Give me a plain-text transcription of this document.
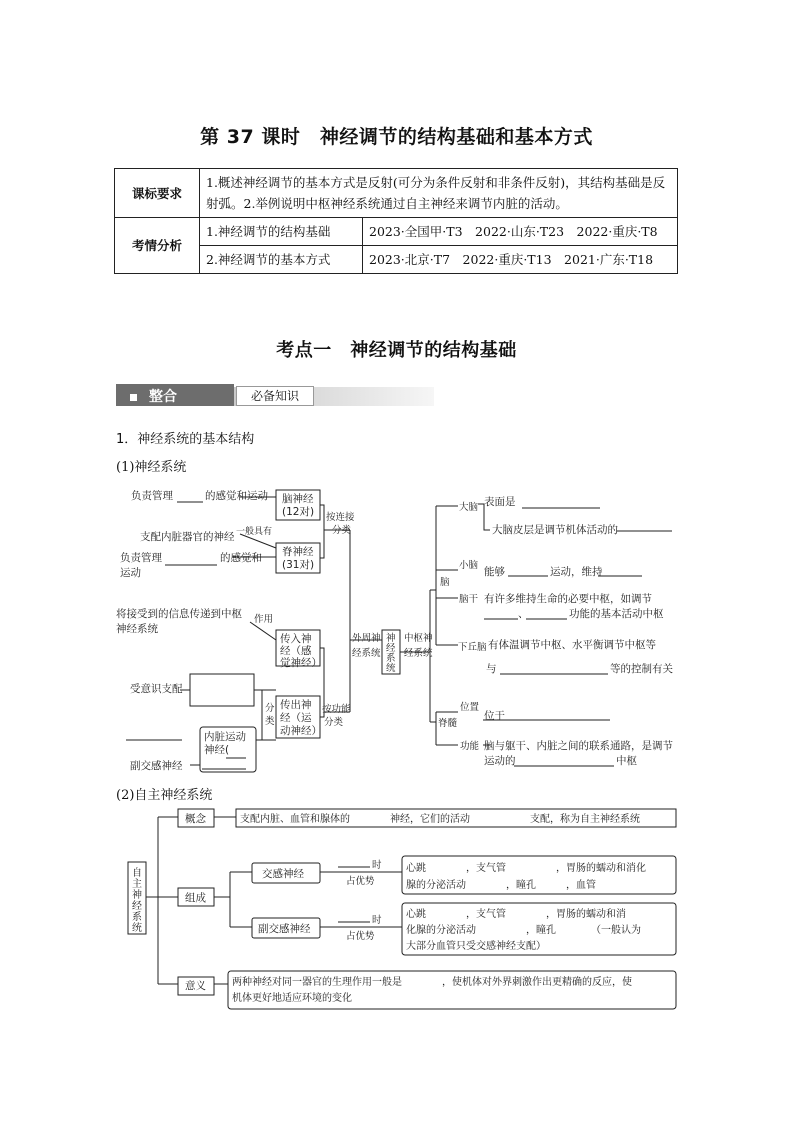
第 37 课时　神经调节的结构基础和基本方式
课标要求	1.概述神经调节的基本方式是反射(可分为条件反射和非条件反射)，其结构基础是反射弧。2.举例说明中枢神经系统通过自主神经来调节内脏的活动。	
考情分析	1.神经调节的结构基础	2023·全国甲·T3　2022·山东·T23　2022·重庆·T8
	2.神经调节的基本方式	2023·北京·T7　2022·重庆·T13　2021·广东·T18
考点一　神经调节的结构基础
整合	必备知识
1．神经系统的基本结构
(1)神经系统
负责管理	的感觉和运动
支配内脏器官的神经 一般具有
负责管理	的感觉和
运动
脑神经
(12对)
脊神经
(31对)
按连接
分类
将接受到的信息传递到中枢
神经系统
作用
传入神
经（感
觉神经）
受意识支配
分
类
传出神
经（运
动神经）
按功能
分类
内脏运动
神经(
副交感神经
外周神
经系统
神
经
系
统
中枢神
经系统
脑
脊髓
大脑 表面是
大脑皮层是调节机体活动的
小脑
能够	运动，维持
脑干 有许多维持生命的必要中枢，如调节
、	功能的基本活动中枢
下丘脑 有体温调节中枢、水平衡调节中枢等
与	等的控制有关
位置
位于
功能 脑与躯干、内脏之间的联系通路，是调节
运动的	中枢
(2)自主神经系统
自
主
神
经
系
统
概念	支配内脏、血管和腺体的　　　　神经，它们的活动　　　　　　支配，称为自主神经系统
组成
交感神经
时
占优势
心跳　　　　，支气管　　　　　，胃肠的蠕动和消化
腺的分泌活动　　　　，瞳孔　　　，血管　　　　
副交感神经
时
占优势
心跳　　　　，支气管　　　　，胃肠的蠕动和消
化腺的分泌活动　　　　　，瞳孔　　　　（一般认为
大部分血管只受交感神经支配）
意义	两种神经对同一器官的生理作用一般是　　　　，使机体对外界刺激作出更精确的反应，使
机体更好地适应环境的变化
